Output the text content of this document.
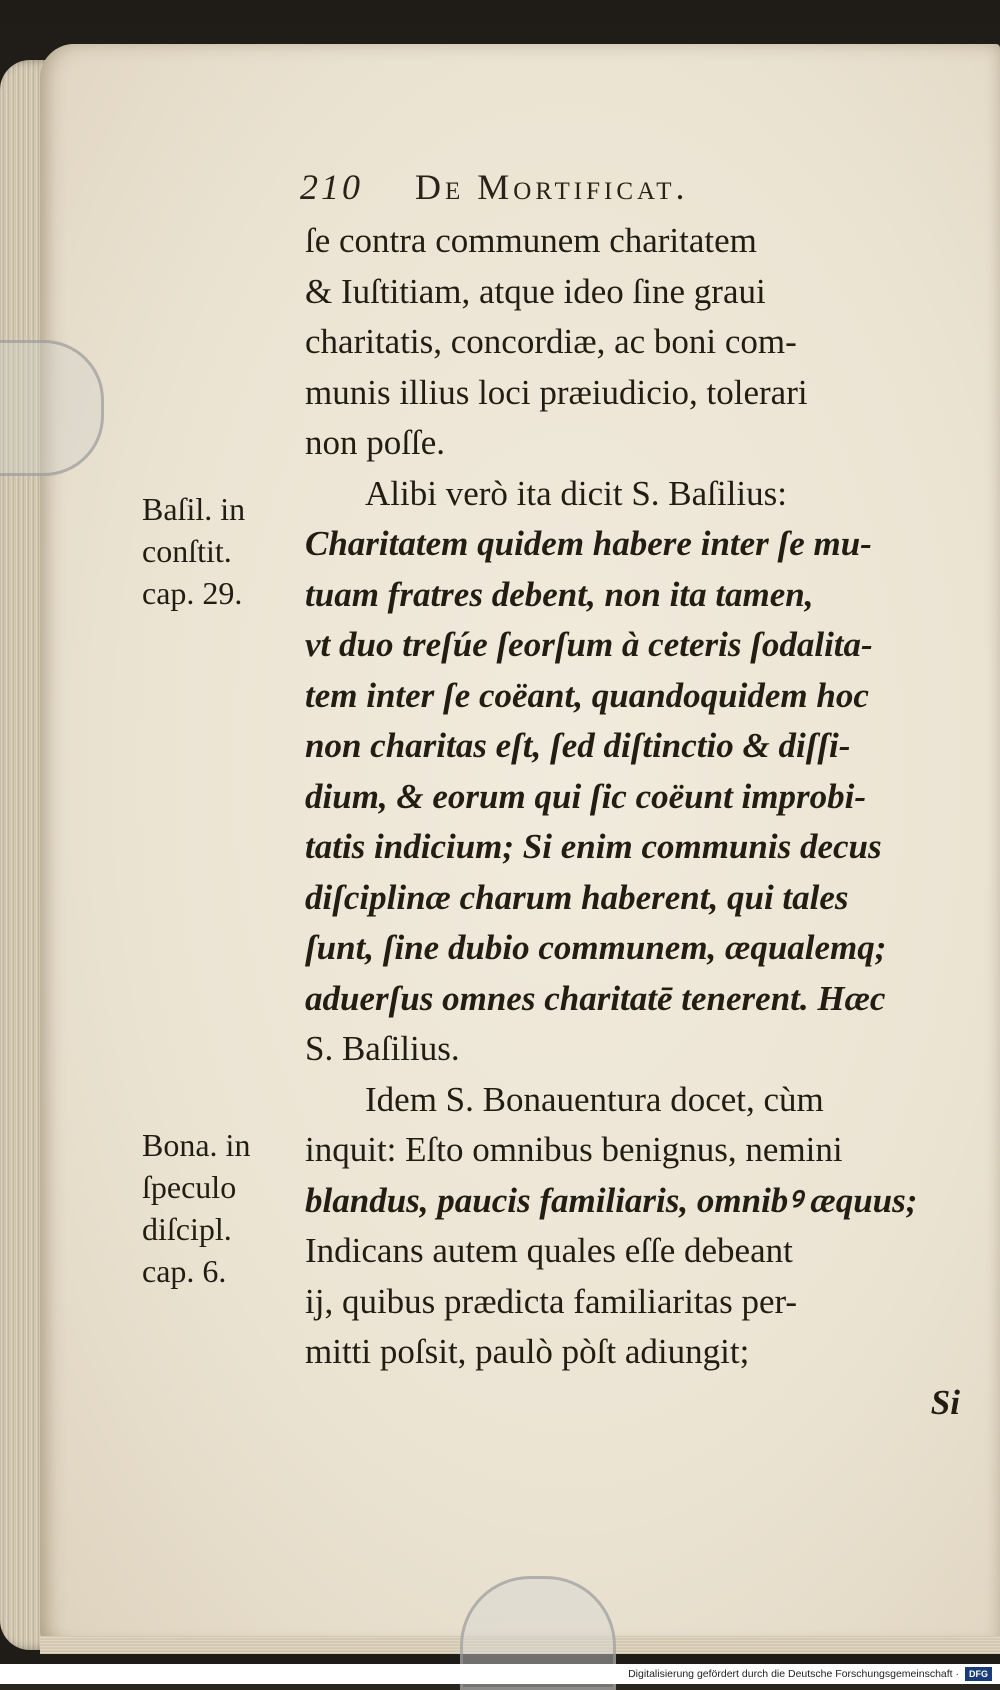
210 De Mortificat.
ſe contra communem charitatem
& Iuſtitiam, atque ideo ſine graui
charitatis, concordiæ, ac boni com-
munis illius loci præiudicio, tolerari
non poſſe.
Alibi verò ita dicit S. Baſilius:
Charitatem quidem habere inter ſe mu-
tuam fratres debent, non ita tamen,
vt duo treſúe ſeorſum à ceteris ſodalita-
tem inter ſe coëant, quandoquidem hoc
non charitas eſt, ſed diſtinctio & diſſi-
dium, & eorum qui ſic coëunt improbi-
tatis indicium; Si enim communis decus
diſciplinæ charum haberent, qui tales
ſunt, ſine dubio communem, æqualemq;
aduerſus omnes charitatē tenerent. Hæc
S. Baſilius.
Idem S. Bonauentura docet, cùm
inquit: Eſto omnibus benignus, nemini
blandus, paucis familiaris, omnibꝰ æquus;
Indicans autem quales eſſe debeant
ij, quibus prædicta familiaritas per-
mitti poſsit, paulò pòſt adiungit;
Si
Baſil. in
conſtit.
cap. 29.
Bona. in
ſpeculo
diſcipl.
cap. 6.
Digitalisierung gefördert durch die Deutsche Forschungsgemeinschaft · DFG
